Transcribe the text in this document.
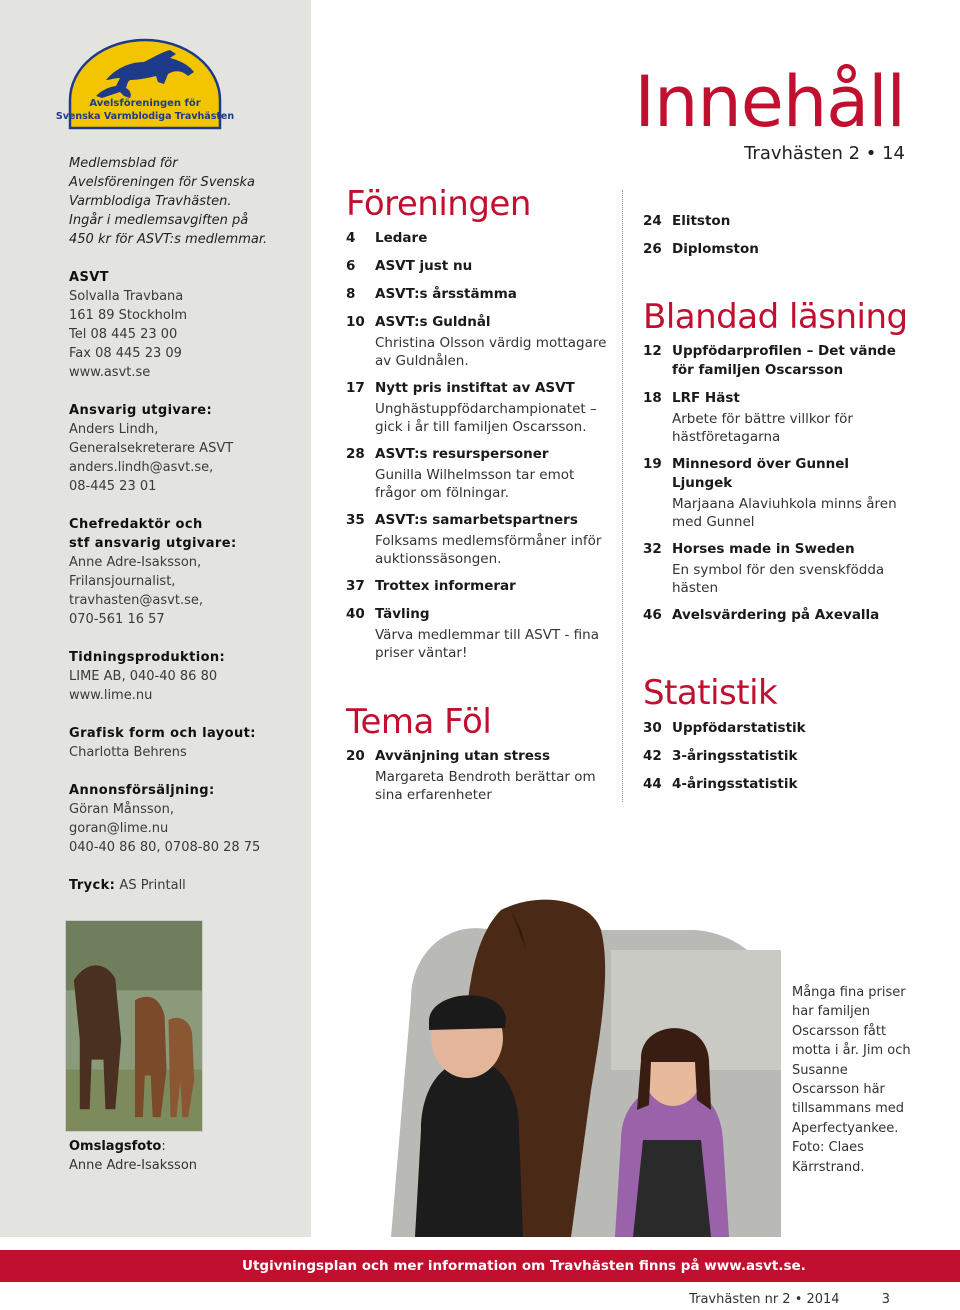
Avelsföreningen för
Svenska Varmblodiga Travhästen
Medlemsblad för
Avelsföreningen för Svenska
Varmblodiga Travhästen.
Ingår i medlemsavgiften på
450 kr för ASVT:s medlemmar.
ASVT
Solvalla Travbana
161 89 Stockholm
Tel 08 445 23 00
Fax 08 445 23 09
www.asvt.se
Ansvarig utgivare:
Anders Lindh,
Generalsekreterare ASVT
anders.lindh@asvt.se,
08-445 23 01
Chefredaktör och
stf ansvarig utgivare:
Anne Adre-Isaksson,
Frilansjournalist,
travhasten@asvt.se,
070-561 16 57
Tidningsproduktion:
LIME AB, 040-40 86 80
www.lime.nu
Grafisk form och layout:
Charlotta Behrens
Annonsförsäljning:
Göran Månsson,
goran@lime.nu
040-40 86 80, 0708-80 28 75
Tryck: AS Printall
Omslagsfoto:
Anne Adre-Isaksson
Innehåll
Travhästen 2 • 14
Föreningen
4	Ledare
6	ASVT just nu
8	ASVT:s årsstämma
10 ASVT:s Guldnål
Christina Olsson värdig mottagare av Guldnålen.
17 Nytt pris instiftat av ASVT
Unghästuppfödarchampionatet – gick i år till familjen Oscarsson.
28 ASVT:s resurspersoner
Gunilla Wilhelmsson tar emot frågor om fölningar.
35 ASVT:s samarbetspartners
Folksams medlemsförmåner inför auktionssäsongen.
37 Trottex informerar
40 Tävling
Värva medlemmar till ASVT - fina priser väntar!
Tema Föl
20 Avvänjning utan stress
Margareta Bendroth berättar om sina erfarenheter
24 Elitston
26 Diplomston
Blandad läsning
12 Uppfödarprofilen – Det vände för familjen Oscarsson
18 LRF Häst
Arbete för bättre villkor för hästföretagarna
19 Minnesord över Gunnel Ljungek
Marjaana Alaviuhkola minns åren med Gunnel
32 Horses made in Sweden
En symbol för den svenskfödda hästen
46 Avelsvärdering på Axevalla
Statistik
30 Uppfödarstatistik
42 3-åringsstatistik
44 4-åringsstatistik
Många fina priser har familjen Oscarsson fått motta i år. Jim och Susanne Oscarsson här tillsammans med Aperfectyankee. Foto: Claes Kärrstrand.
Utgivningsplan och mer information om Travhästen finns på www.asvt.se.
Travhästen nr 2 • 2014	3
